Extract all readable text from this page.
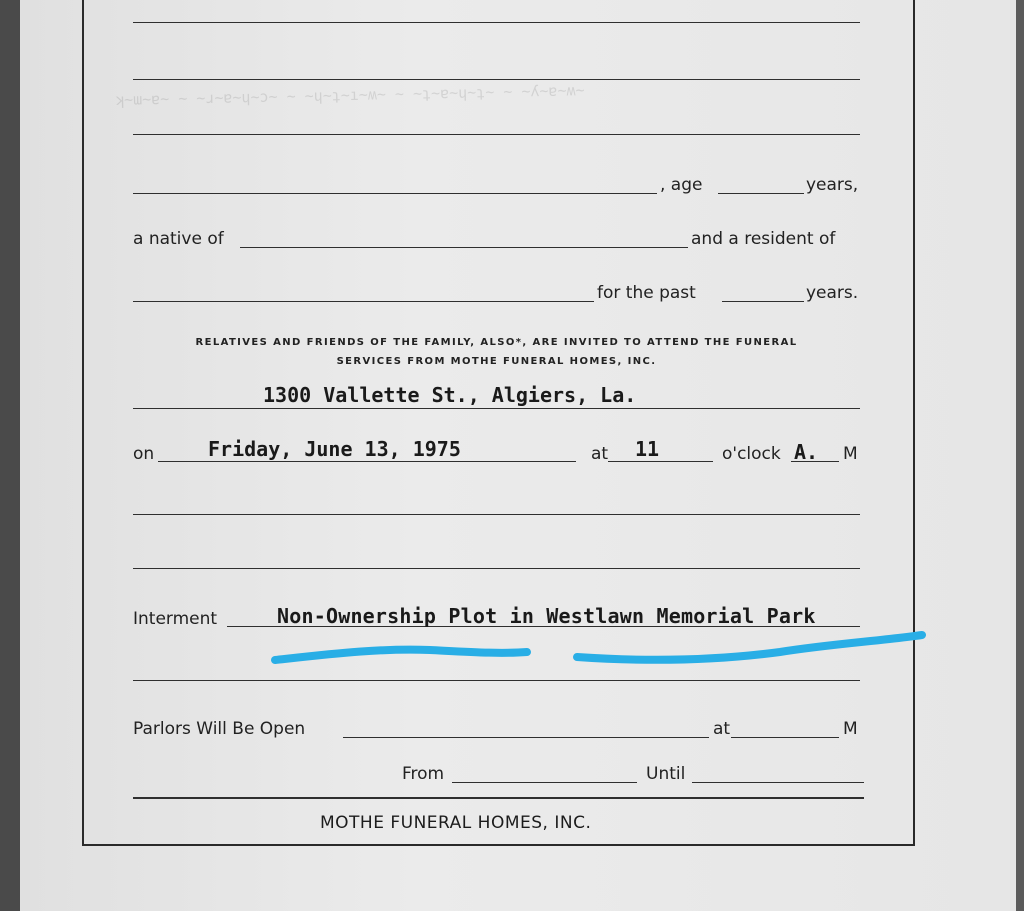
ʞ̴ɯ̴ɐ̴ ̴ ̴ɹ̴ɐ̴ɥ̴ɔ̴ ̴ ̴ɥ̴ʇ̴ı̴ʍ̴ ̴ ̴ʇ̴ɐ̴ɥ̴ʇ̴ ̴ ̴ʎ̴ɐ̴ʍ̴
, age	years,
a native of	and a resident of
for the past	years.
RELATIVES AND FRIENDS OF THE FAMILY, ALSO*, ARE INVITED TO ATTEND THE FUNERAL
SERVICES FROM MOTHE FUNERAL HOMES, INC.
1300 Vallette St., Algiers, La.
on	Friday, June 13, 1975	at 11	o'clock A. M
Interment	Non-Ownership Plot in Westlawn Memorial Park
Parlors Will Be Open	at	M
From	Until
MOTHE FUNERAL HOMES, INC.
